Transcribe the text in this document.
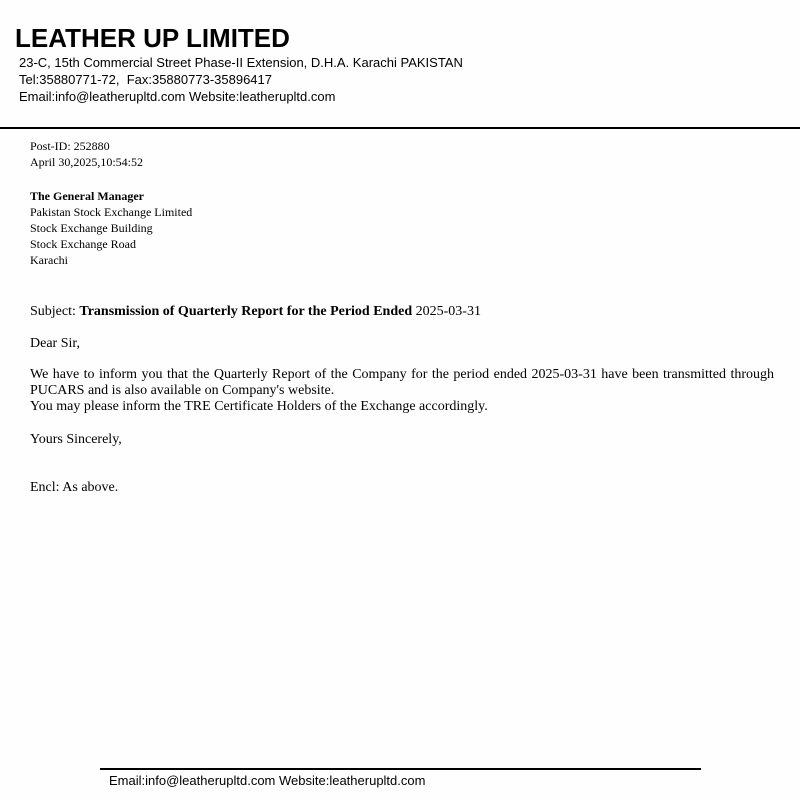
LEATHER UP LIMITED
23-C, 15th Commercial Street Phase-II Extension, D.H.A. Karachi PAKISTAN
Tel:35880771-72,  Fax:35880773-35896417
Email:info@leatherupltd.com Website:leatherupltd.com
Post-ID: 252880
April 30,2025,10:54:52
The General Manager
Pakistan Stock Exchange Limited
Stock Exchange Building
Stock Exchange Road
Karachi
Subject: Transmission of Quarterly Report for the Period Ended 2025-03-31
Dear Sir,

We have to inform you that the Quarterly Report of the Company for the period ended 2025-03-31 have been transmitted through PUCARS and is also available on Company's website.

You may please inform the TRE Certificate Holders of the Exchange accordingly.

Yours Sincerely,
Encl: As above.
Email:info@leatherupltd.com Website:leatherupltd.com
